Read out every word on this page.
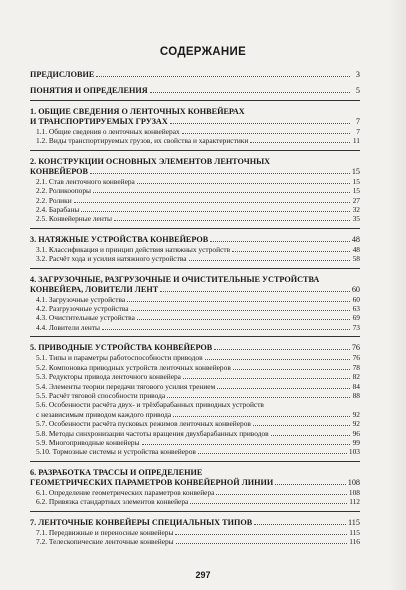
СОДЕРЖАНИЕ
ПРЕДИСЛОВИЕ	3
ПОНЯТИЯ И ОПРЕДЕЛЕНИЯ	5
1. ОБЩИЕ СВЕДЕНИЯ О ЛЕНТОЧНЫХ КОНВЕЙЕРАХ
И ТРАНСПОРТИРУЕМЫХ ГРУЗАХ	7
1.1. Общие сведения о ленточных конвейерах	7
1.2. Виды транспортируемых грузов, их свойства и характеристики	11
2. КОНСТРУКЦИИ ОСНОВНЫХ ЭЛЕМЕНТОВ ЛЕНТОЧНЫХ
КОНВЕЙЕРОВ	15
2.1. Став ленточного конвейера	15
2.2. Роликоопоры	15
2.2. Ролики	27
2.4. Барабаны	32
2.5. Конвейерные ленты	35
3. НАТЯЖНЫЕ УСТРОЙСТВА КОНВЕЙЕРОВ	48
3.1. Классификация и принцип действия натяжных устройств	48
3.2. Расчёт хода и усилия натяжного устройства	58
4. ЗАГРУЗОЧНЫЕ, РАЗГРУЗОЧНЫЕ И ОЧИСТИТЕЛЬНЫЕ УСТРОЙСТВА
КОНВЕЙЕРА, ЛОВИТЕЛИ ЛЕНТ	60
4.1. Загрузочные устройства	60
4.2. Разгрузочные устройства	63
4.3. Очистительные устройства	69
4.4. Ловители ленты	73
5. ПРИВОДНЫЕ УСТРОЙСТВА КОНВЕЙЕРОВ	76
5.1. Типы и параметры работоспособности приводов	76
5.2. Компоновка приводных устройств ленточных конвейеров	78
5.3. Редукторы привода ленточного конвейера	82
5.4. Элементы теории передачи тягового усилия трением	84
5.5. Расчёт тяговой способности привода	88
5.6. Особенности расчёта двух- и трёхбарабанных приводных устройств
с независимым приводом каждого привода	92
5.7. Особенности расчёта пусковых режимов ленточных конвейеров	92
5.8. Методы синхронизации частоты вращения двухбарабанных приводов	96
5.9. Многоприводные конвейеры	99
5.10. Тормозные системы и устройства конвейеров	103
6. РАЗРАБОТКА ТРАССЫ И ОПРЕДЕЛЕНИЕ
ГЕОМЕТРИЧЕСКИХ ПАРАМЕТРОВ КОНВЕЙЕРНОЙ ЛИНИИ	108
6.1. Определение геометрических параметров конвейера	108
6.2. Привязка стандартных элементов конвейера	112
7. ЛЕНТОЧНЫЕ КОНВЕЙЕРЫ СПЕЦИАЛЬНЫХ ТИПОВ	115
7.1. Передвижные и переносные конвейеры	115
7.2. Телескопические ленточные конвейеры	116
297
